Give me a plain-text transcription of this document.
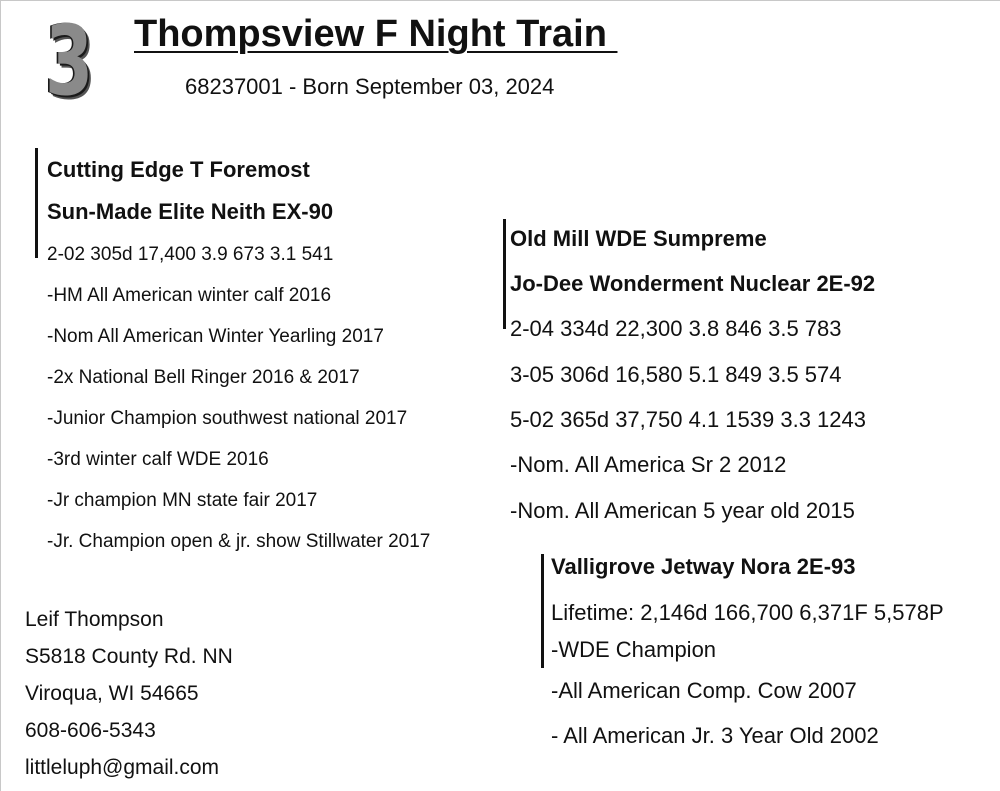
3 Thompsview F Night Train
68237001 - Born September 03, 2024
Cutting Edge T Foremost
Sun-Made Elite Neith EX-90
2-02 305d 17,400 3.9 673 3.1 541
-HM All American winter calf 2016
-Nom All American Winter Yearling 2017
-2x National Bell Ringer 2016 & 2017
-Junior Champion southwest national 2017
-3rd winter calf WDE 2016
-Jr champion MN state fair 2017
-Jr. Champion open & jr. show Stillwater 2017
Old Mill WDE Sumpreme
Jo-Dee Wonderment Nuclear 2E-92
2-04 334d 22,300 3.8 846 3.5 783
3-05 306d 16,580 5.1 849 3.5 574
5-02 365d 37,750 4.1 1539 3.3 1243
-Nom. All America Sr 2 2012
-Nom. All American 5 year old 2015
Valligrove Jetway Nora 2E-93
Lifetime: 2,146d 166,700 6,371F 5,578P
-WDE Champion
-All American Comp. Cow 2007
- All American Jr. 3 Year Old 2002
Leif Thompson
S5818 County Rd. NN
Viroqua, WI 54665
608-606-5343
littleluph@gmail.com
